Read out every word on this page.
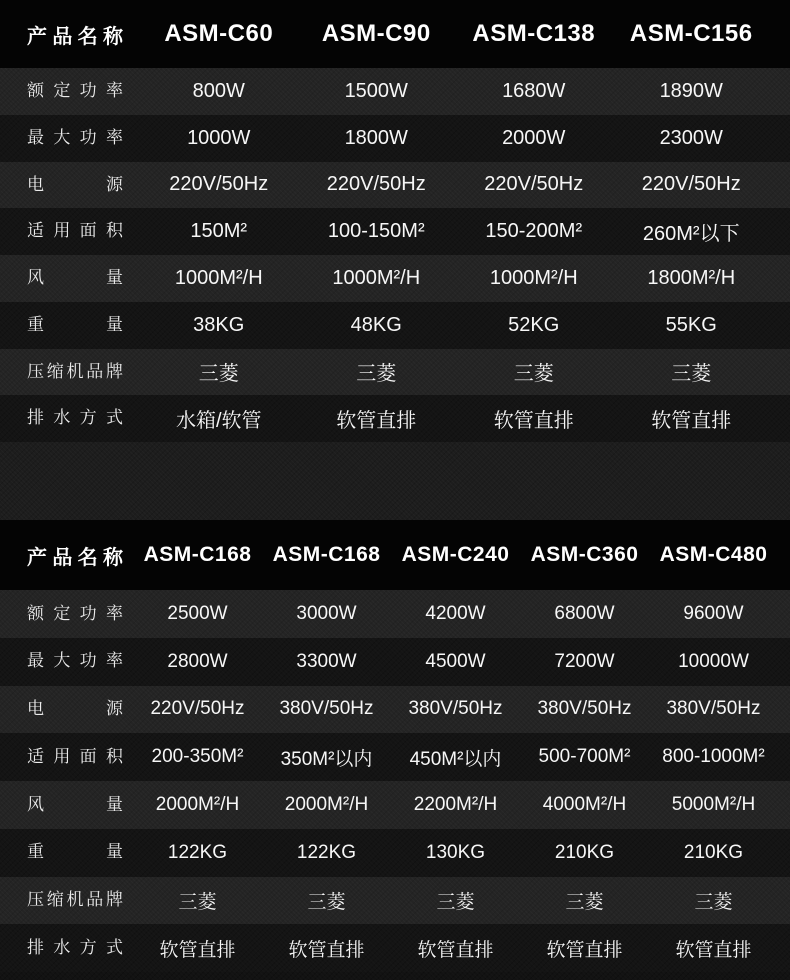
产品名称	ASM-C60	ASM-C90	ASM-C138	ASM-C156
额定功率	800W	1500W	1680W	1890W
最大功率	1000W	1800W	2000W	2300W
电源	220V/50Hz	220V/50Hz	220V/50Hz	220V/50Hz
适用面积	150M²	100-150M²	150-200M²	260M²以下
风量	1000M²/H	1000M²/H	1000M²/H	1800M²/H
重量	38KG	48KG	52KG	55KG
压缩机品牌	三菱	三菱	三菱	三菱
排水方式	水箱/软管	软管直排	软管直排	软管直排
产品名称 ASM-C168	ASM-C168	ASM-C240	ASM-C360	ASM-C480
额定功率	2500W	3000W	4200W	6800W	9600W
最大功率	2800W	3300W	4500W	7200W	10000W
电源	220V/50Hz	380V/50Hz	380V/50Hz	380V/50Hz	380V/50Hz
适用面积	200-350M²	350M²以内	450M²以内	500-700M²	800-1000M²
风量	2000M²/H	2000M²/H	2200M²/H	4000M²/H	5000M²/H
重量	122KG	122KG	130KG	210KG	210KG
压缩机品牌	三菱	三菱	三菱	三菱	三菱
排水方式	软管直排	软管直排	软管直排	软管直排	软管直排
